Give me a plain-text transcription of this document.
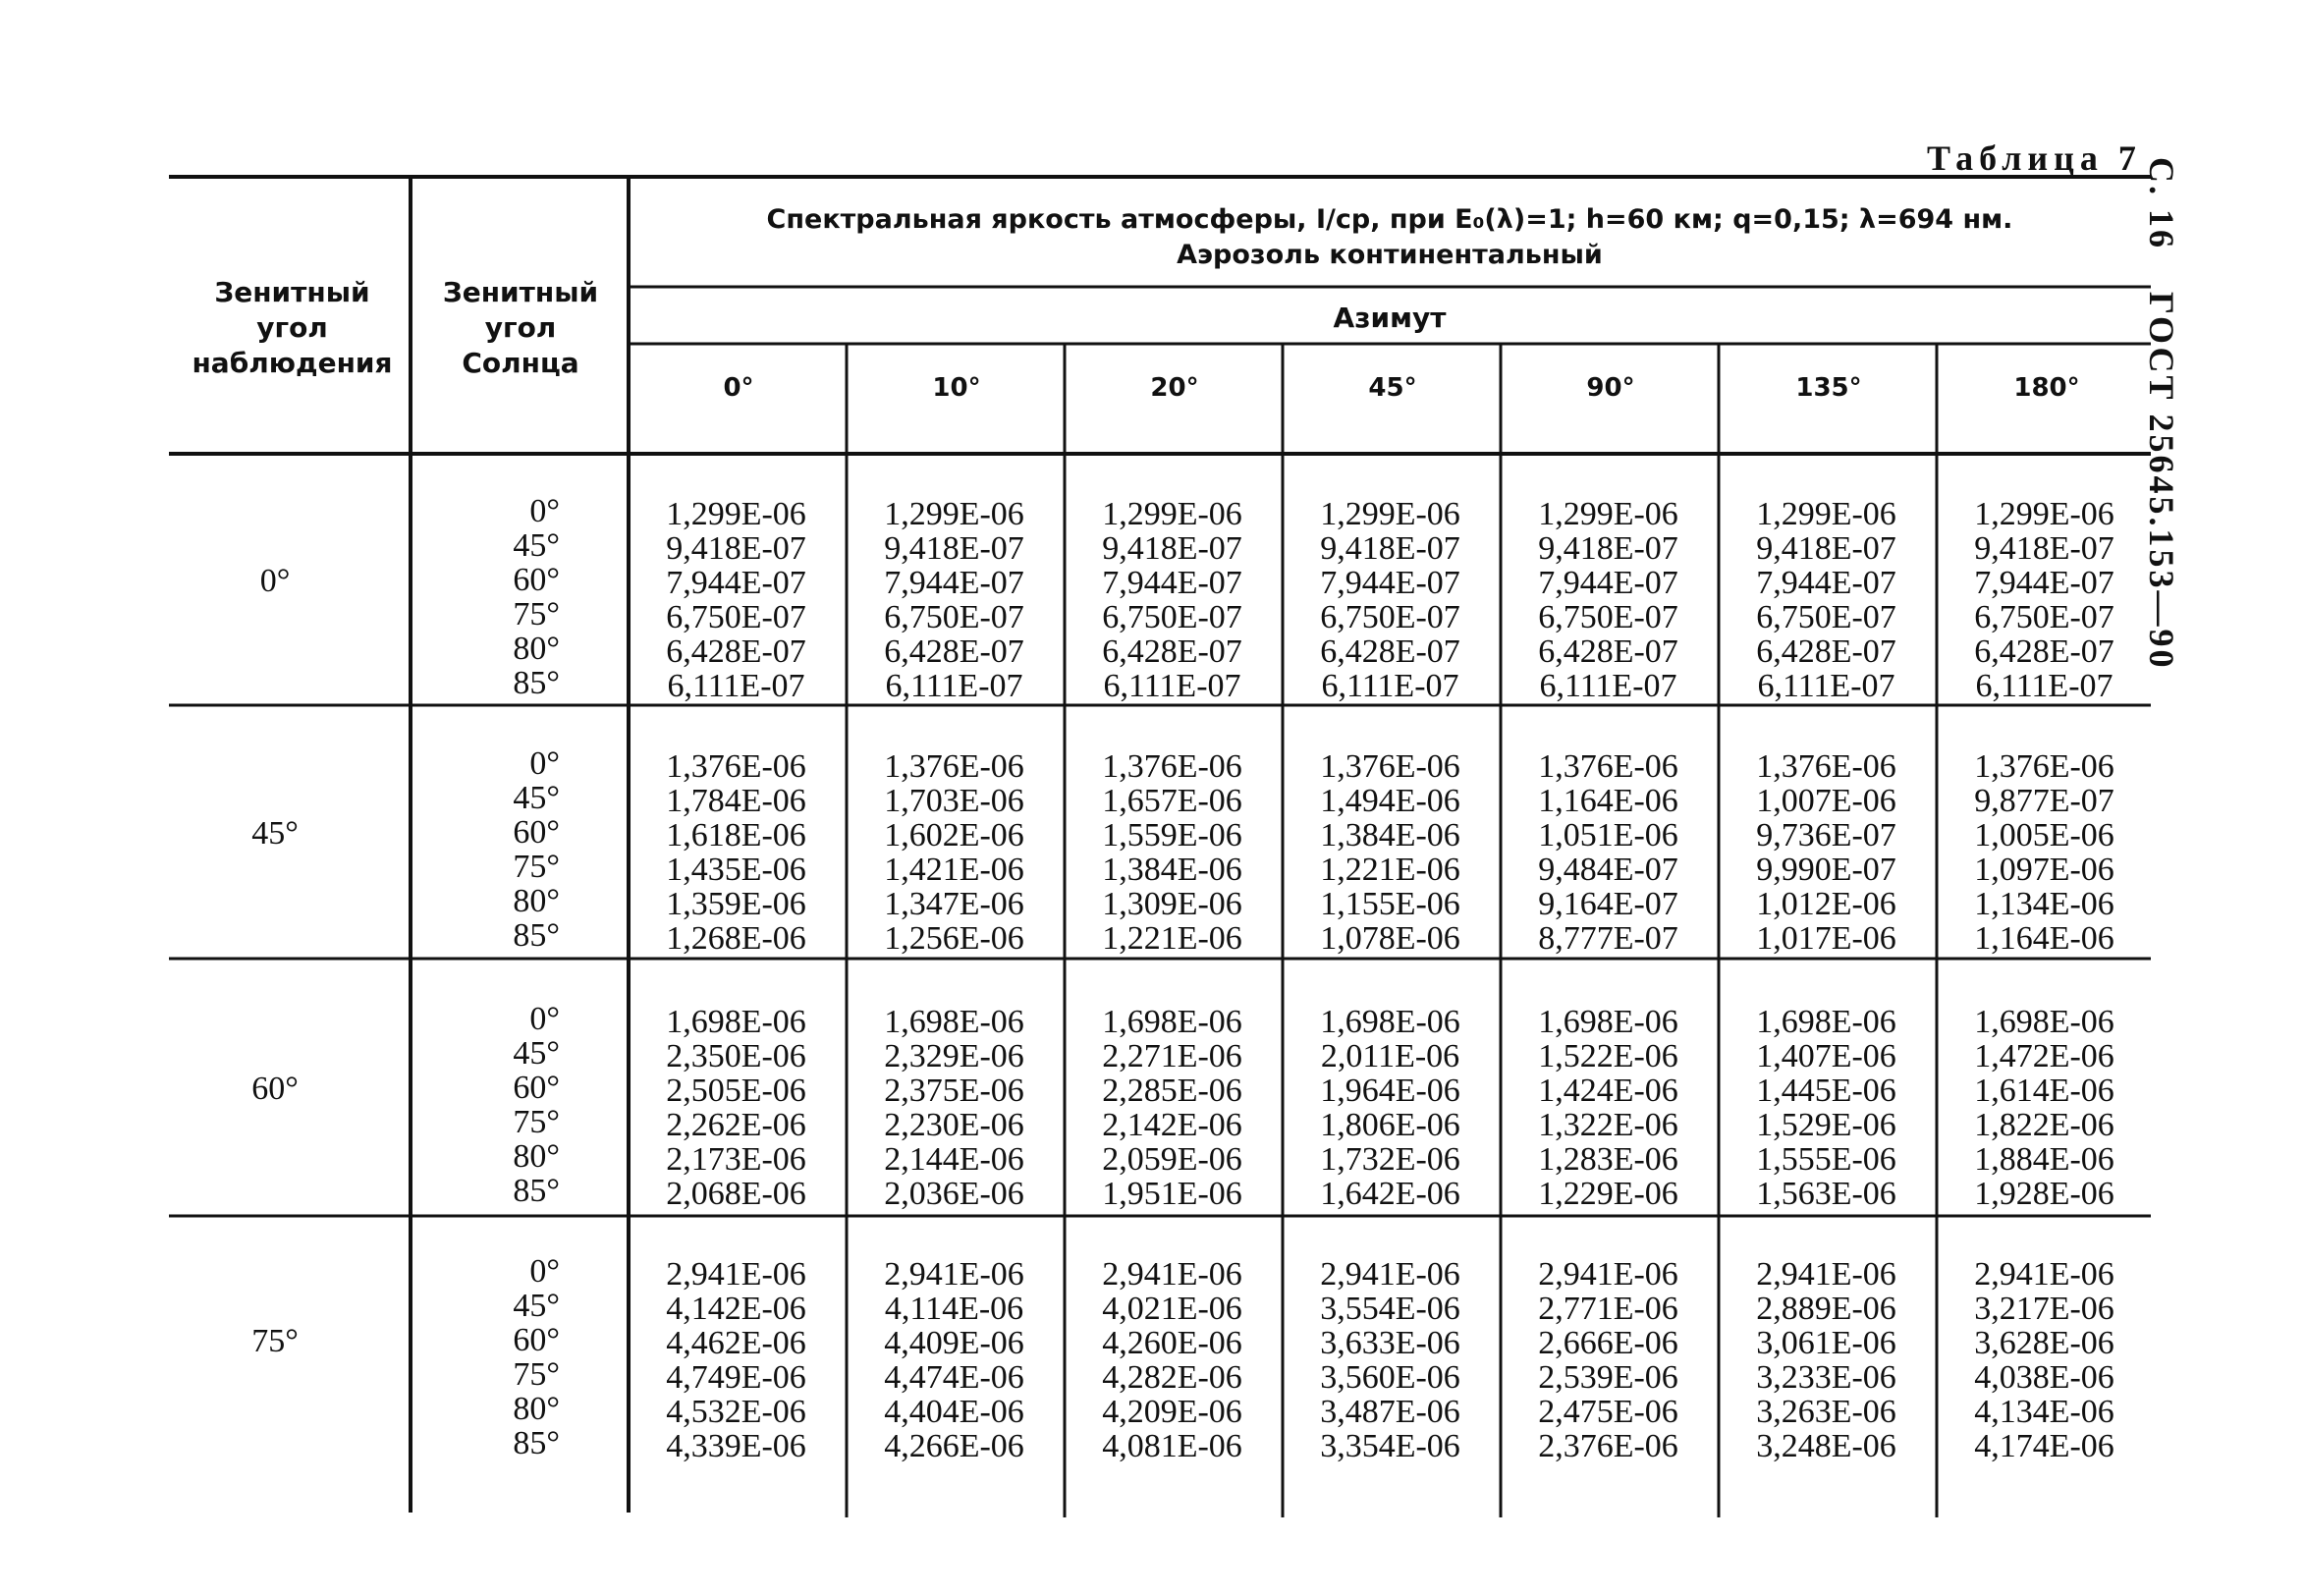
Таблица 7 С. 16 ГОСТ 25645.153—90
Зенитный
угол
наблюдения
Зенитный
угол
Солнца
Спектральная яркость атмосферы, I/ср, при E₀(λ)=1; h=60 км; q=0,15; λ=694 нм.
Аэрозоль континентальный
Азимут
0°	10°	20°	45°	90°	135°	180°
0°
0°	1,299E-06	1,299E-06	1,299E-06	1,299E-06	1,299E-06	1,299E-06	1,299E-06
45°	9,418E-07	9,418E-07	9,418E-07	9,418E-07	9,418E-07	9,418E-07	9,418E-07
60°	7,944E-07	7,944E-07	7,944E-07	7,944E-07	7,944E-07	7,944E-07	7,944E-07
75°	6,750E-07	6,750E-07	6,750E-07	6,750E-07	6,750E-07	6,750E-07	6,750E-07
80°	6,428E-07	6,428E-07	6,428E-07	6,428E-07	6,428E-07	6,428E-07	6,428E-07
85°	6,111E-07	6,111E-07	6,111E-07	6,111E-07	6,111E-07	6,111E-07	6,111E-07
45°
0°	1,376E-06	1,376E-06	1,376E-06	1,376E-06	1,376E-06	1,376E-06	1,376E-06
45°	1,784E-06	1,703E-06	1,657E-06	1,494E-06	1,164E-06	1,007E-06	9,877E-07
60°	1,618E-06	1,602E-06	1,559E-06	1,384E-06	1,051E-06	9,736E-07	1,005E-06
75°	1,435E-06	1,421E-06	1,384E-06	1,221E-06	9,484E-07	9,990E-07	1,097E-06
80°	1,359E-06	1,347E-06	1,309E-06	1,155E-06	9,164E-07	1,012E-06	1,134E-06
85°	1,268E-06	1,256E-06	1,221E-06	1,078E-06	8,777E-07	1,017E-06	1,164E-06
60°
0°	1,698E-06	1,698E-06	1,698E-06	1,698E-06	1,698E-06	1,698E-06	1,698E-06
45°	2,350E-06	2,329E-06	2,271E-06	2,011E-06	1,522E-06	1,407E-06	1,472E-06
60°	2,505E-06	2,375E-06	2,285E-06	1,964E-06	1,424E-06	1,445E-06	1,614E-06
75°	2,262E-06	2,230E-06	2,142E-06	1,806E-06	1,322E-06	1,529E-06	1,822E-06
80°	2,173E-06	2,144E-06	2,059E-06	1,732E-06	1,283E-06	1,555E-06	1,884E-06
85°	2,068E-06	2,036E-06	1,951E-06	1,642E-06	1,229E-06	1,563E-06	1,928E-06
75°
0°	2,941E-06	2,941E-06	2,941E-06	2,941E-06	2,941E-06	2,941E-06	2,941E-06
45°	4,142E-06	4,114E-06	4,021E-06	3,554E-06	2,771E-06	2,889E-06	3,217E-06
60°	4,462E-06	4,409E-06	4,260E-06	3,633E-06	2,666E-06	3,061E-06	3,628E-06
75°	4,749E-06	4,474E-06	4,282E-06	3,560E-06	2,539E-06	3,233E-06	4,038E-06
80°	4,532E-06	4,404E-06	4,209E-06	3,487E-06	2,475E-06	3,263E-06	4,134E-06
85°	4,339E-06	4,266E-06	4,081E-06	3,354E-06	2,376E-06	3,248E-06	4,174E-06
